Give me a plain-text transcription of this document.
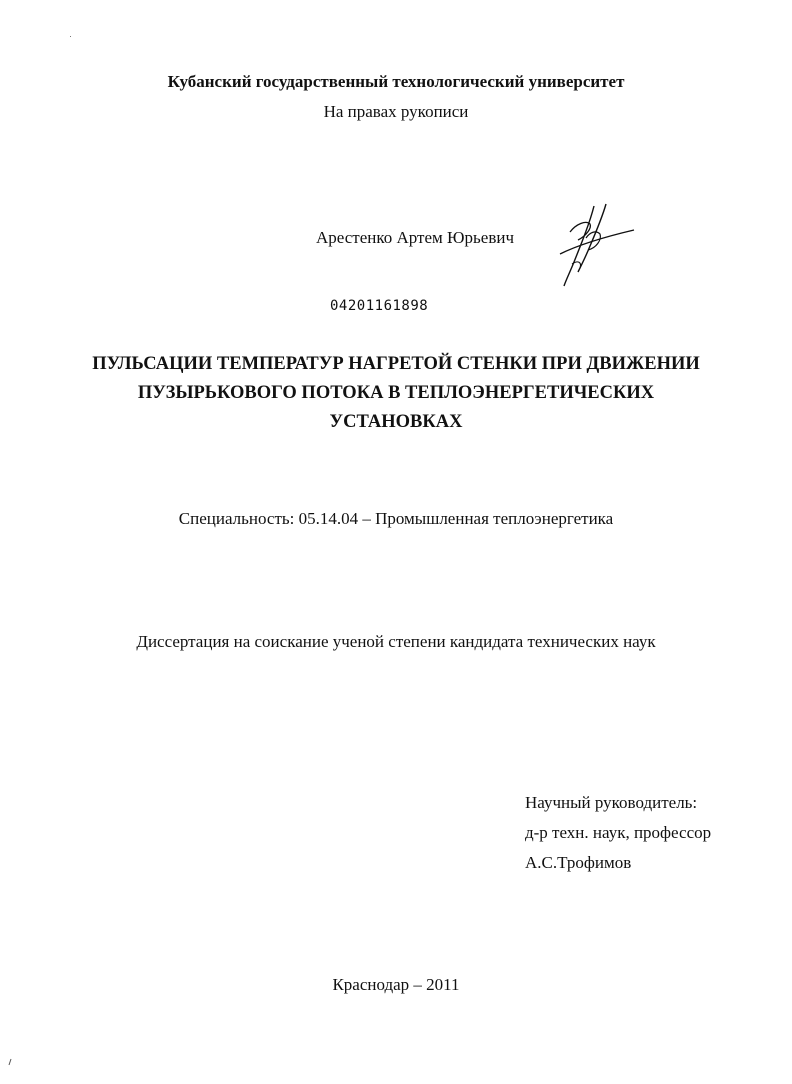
Кубанский государственный технологический университет
На правах рукописи
Арестенко Артем Юрьевич
04201161898
ПУЛЬСАЦИИ ТЕМПЕРАТУР НАГРЕТОЙ СТЕНКИ ПРИ ДВИЖЕНИИ
ПУЗЫРЬКОВОГО ПОТОКА В ТЕПЛОЭНЕРГЕТИЧЕСКИХ
УСТАНОВКАХ
Специальность: 05.14.04 – Промышленная теплоэнергетика
Диссертация на соискание ученой степени кандидата технических наук
Научный руководитель:
д-р техн. наук, профессор
А.С.Трофимов
Краснодар – 2011
